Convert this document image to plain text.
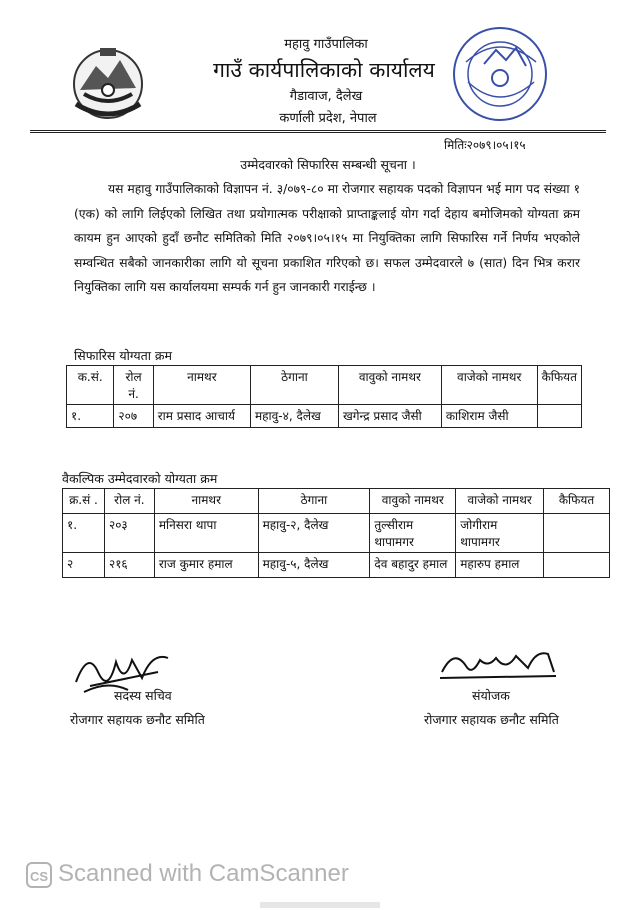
महावु गाउँपालिका
गाउँ कार्यपालिकाको कार्यालय
गैडावाज, दैलेख
कर्णाली प्रदेश, नेपाल
मितिः२०७९।०५।१५
उम्मेदवारको सिफारिस सम्बन्धी सूचना ।
यस महावु गाउँपालिकाको विज्ञापन नं. ३/०७९-८० मा रोजगार सहायक पदको विज्ञापन भई माग पद संख्या १ (एक) को लागि लिईएको लिखित तथा प्रयोगात्मक परीक्षाको प्राप्ताङ्कलाई योग गर्दा देहाय बमोजिमको योग्यता क्रम कायम हुन आएको हुदाँ छनौट समितिको मिति २०७९।०५।१५ मा नियुक्तिका लागि सिफारिस गर्ने निर्णय भएकोले सम्वन्धित सबैको जानकारीका लागि यो सूचना प्रकाशित गरिएको छ। सफल उम्मेदवारले ७ (सात) दिन भित्र करार नियुक्तिका लागि यस कार्यालयमा सम्पर्क गर्न हुन जानकारी गराईन्छ ।
सिफारिस योग्यता क्रम
क.सं.	रोल नं.	नामथर	ठेगाना	वावुको नामथर	वाजेको नामथर	कैफियत
१.	२०७	राम प्रसाद आचार्य	महावु-४, दैलेख	खगेन्द्र प्रसाद जैसी	काशिराम जैसी	
वैकल्पिक उम्मेदवारको योग्यता क्रम
क्र.सं .	रोल नं.	नामथर	ठेगाना	वावुको नामथर	वाजेको नामथर	कैफियत
१.	२०३	मनिसरा थापा	महावु-२, दैलेख	तुल्सीराम थापामगर	जोगीराम थापामगर	
२	२१६	राज कुमार हमाल	महावु-५, दैलेख	देव बहादुर हमाल	महारुप हमाल	
सदस्य सचिव
रोजगार सहायक छनौट समिति
संयोजक
रोजगार सहायक छनौट समिति
CS Scanned with CamScanner
